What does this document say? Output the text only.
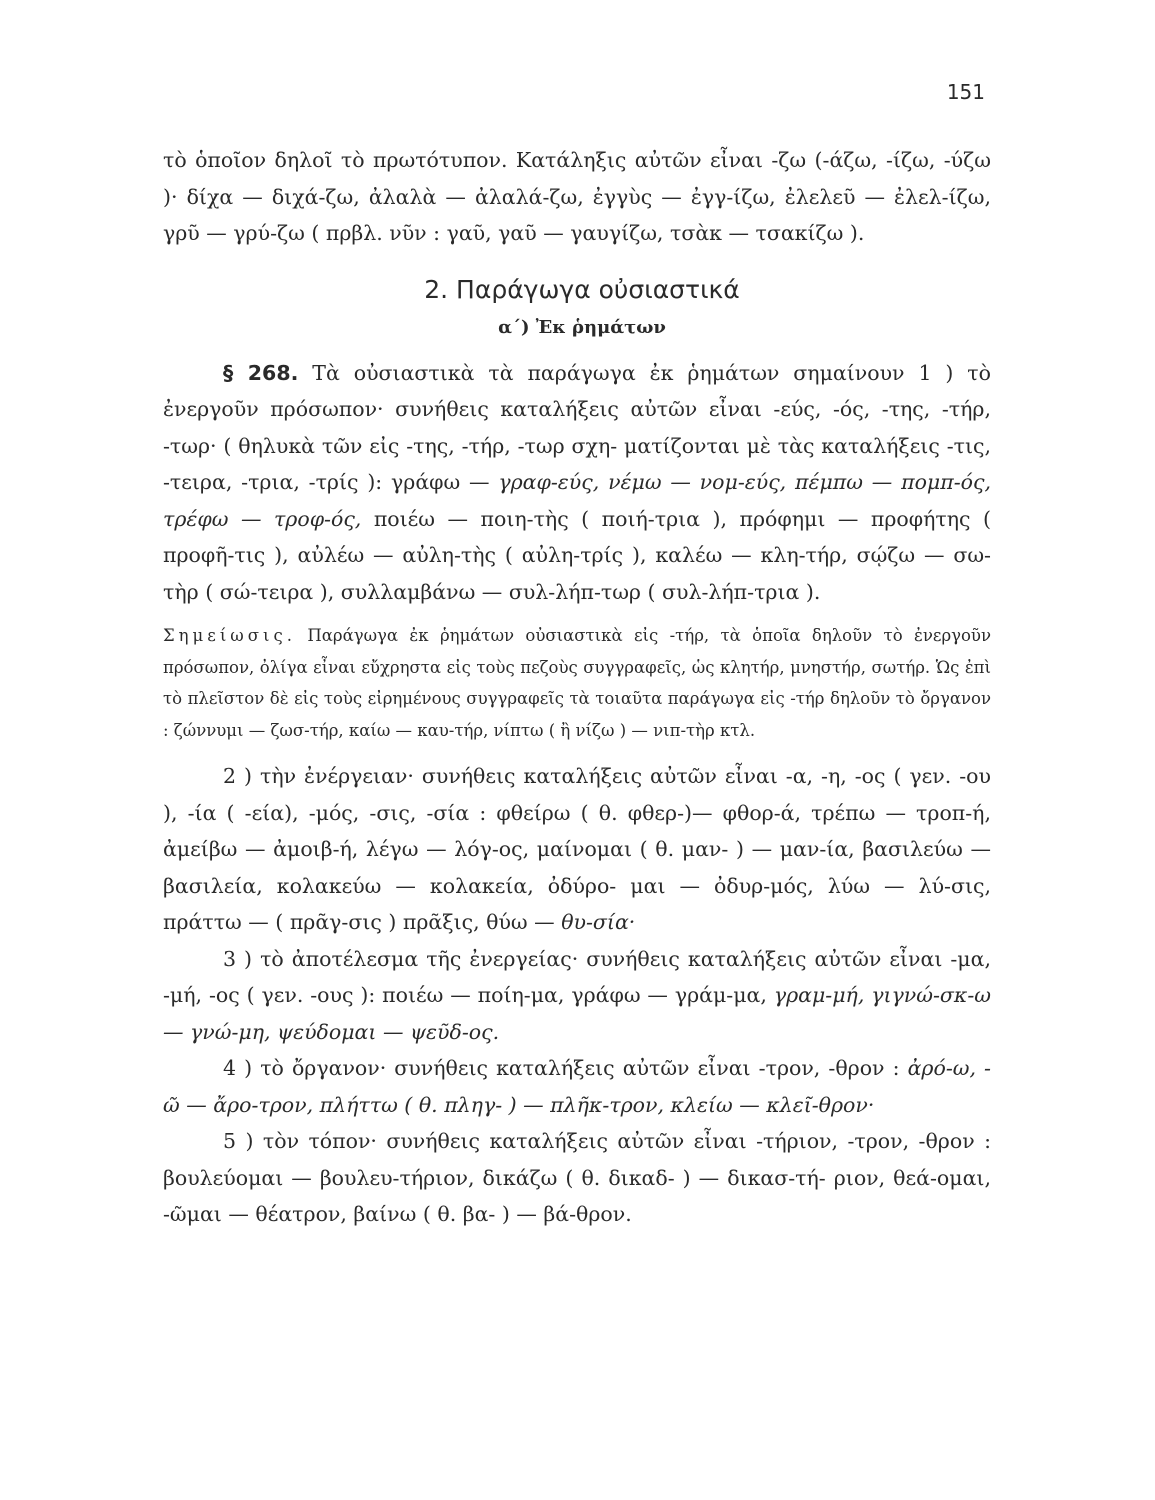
151
τὸ ὁποῖον δηλοῖ τὸ πρωτότυπον. Κατάληξις αὐτῶν εἶναι -ζω (-άζω, -ίζω, -ύζω )· δίχα — διχά-ζω, ἀλαλὰ — ἀλαλά-ζω, ἐγγὺς — ἐγγ-ίζω, ἐλελεῦ — ἐλελ-ίζω, γρῦ — γρύ-ζω ( πρβλ. νῦν : γαῦ, γαῦ — γαυγίζω, τσὰκ — τσακίζω ).
2. Παράγωγα οὐσιαστικά
α΄) Ἐκ ῥημάτων
§ 268. Τὰ οὐσιαστικὰ τὰ παράγωγα ἐκ ῥημάτων σημαίνουν 1 ) τὸ ἐνεργοῦν πρόσωπον· συνήθεις καταλήξεις αὐτῶν εἶναι -εύς, -ός, -της, -τήρ, -τωρ· ( θηλυκὰ τῶν εἰς -της, -τήρ, -τωρ σχη- ματίζονται μὲ τὰς καταλήξεις -τις, -τειρα, -τρια, -τρίς ): γράφω — γραφ-εύς, νέμω — νομ-εύς, πέμπω — πομπ-ός, τρέφω — τροφ-ός, ποιέω — ποιη-τὴς ( ποιή-τρια ), πρόφημι — προφήτης ( προφῆ-τις ), αὐλέω — αὐλη-τὴς ( αὐλη-τρίς ), καλέω — κλη-τήρ, σῴζω — σω-τὴρ ( σώ-τειρα ), συλλαμβάνω — συλ-λήπ-τωρ ( συλ-λήπ-τρια ).
Σημείωσις. Παράγωγα ἐκ ῥημάτων οὐσιαστικὰ εἰς -τήρ, τὰ ὁποῖα δηλοῦν τὸ ἐνεργοῦν πρόσωπον, ὀλίγα εἶναι εὔχρηστα εἰς τοὺς πεζοὺς συγγραφεῖς, ὡς κλητήρ, μνηστήρ, σωτήρ. Ὡς ἐπὶ τὸ πλεῖστον δὲ εἰς τοὺς εἰρημένους συγγραφεῖς τὰ τοιαῦτα παράγωγα εἰς -τήρ δηλοῦν τὸ ὄργανον : ζώννυμι — ζωσ-τήρ, καίω — καυ-τήρ, νίπτω ( ἢ νίζω ) — νιπ-τὴρ κτλ.
2 ) τὴν ἐνέργειαν· συνήθεις καταλήξεις αὐτῶν εἶναι -α, -η, -ος ( γεν. -ου ), -ία ( -εία), -μός, -σις, -σία : φθείρω ( θ. φθερ-)— φθορ-ά, τρέπω — τροπ-ή, ἀμείβω — ἀμοιβ-ή, λέγω — λόγ-ος, μαίνομαι ( θ. μαν- ) — μαν-ία, βασιλεύω — βασιλεία, κολακεύω — κολακεία, ὀδύρο- μαι — ὀδυρ-μός, λύω — λύ-σις, πράττω — ( πρᾶγ-σις ) πρᾶξις, θύω — θυ-σία·
3 ) τὸ ἀποτέλεσμα τῆς ἐνεργείας· συνήθεις καταλήξεις αὐτῶν εἶναι -μα, -μή, -ος ( γεν. -ους ): ποιέω — ποίη-μα, γράφω — γράμ-μα, γραμ-μή, γιγνώ-σκ-ω — γνώ-μη, ψεύδομαι — ψεῦδ-ος.
4 ) τὸ ὄργανον· συνήθεις καταλήξεις αὐτῶν εἶναι -τρον, -θρον : ἀρό-ω, - ῶ — ἄρο-τρον, πλήττω ( θ. πληγ- ) — πλῆκ-τρον, κλείω — κλεῖ-θρον·
5 ) τὸν τόπον· συνήθεις καταλήξεις αὐτῶν εἶναι -τήριον, -τρον, -θρον : βουλεύομαι — βουλευ-τήριον, δικάζω ( θ. δικαδ- ) — δικασ-τή- ριον, θεά-ομαι, -ῶμαι — θέατρον, βαίνω ( θ. βα- ) — βά-θρον.
